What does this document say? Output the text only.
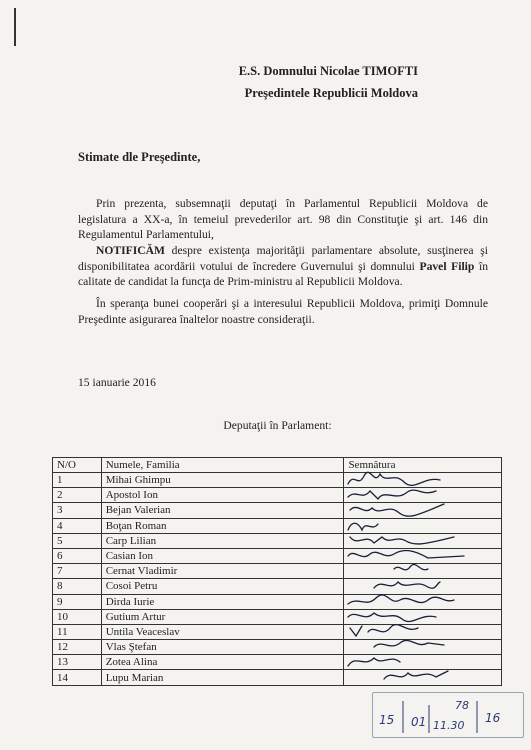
E.S. Domnului Nicolae TIMOFTI
Preşedintele Republicii Moldova
Stimate dle Preşedinte,

Prin prezenta, subsemnaţii deputaţi în Parlamentul Republicii Moldova de legislatura a XX-a, în temeiul prevederilor art. 98 din Constituţie şi art. 146 din Regulamentul Parlamentului,

NOTIFICĂM despre existenţa majorităţii parlamentare absolute, susţinerea şi disponibilitatea acordării votului de încredere Guvernului şi domnului Pavel Filip în calitate de candidat la funcţa de Prim-ministru al Republicii Moldova.

În speranţa bunei cooperări şi a interesului Republicii Moldova, primiţi Domnule Preşedinte asigurarea înaltelor noastre consideraţii.

15 ianuarie 2016
Deputaţii în Parlament:
N/O	Numele, Familia	Semnătura
1	Mihai Ghimpu	

2	Apostol Ion	

3	Bejan Valerian	

4	Boţan Roman	

5	Carp Lilian	

6	Casian Ion	

7	Cernat Vladimir	

8	Cosoi Petru	

9	Dirda Iurie	

10	Gutium Artur	

11	Untila Veaceslav	

12	Vlas Ştefan	

13	Zotea Alina	

14	Lupu Marian	
15 01
78
11.30
16
